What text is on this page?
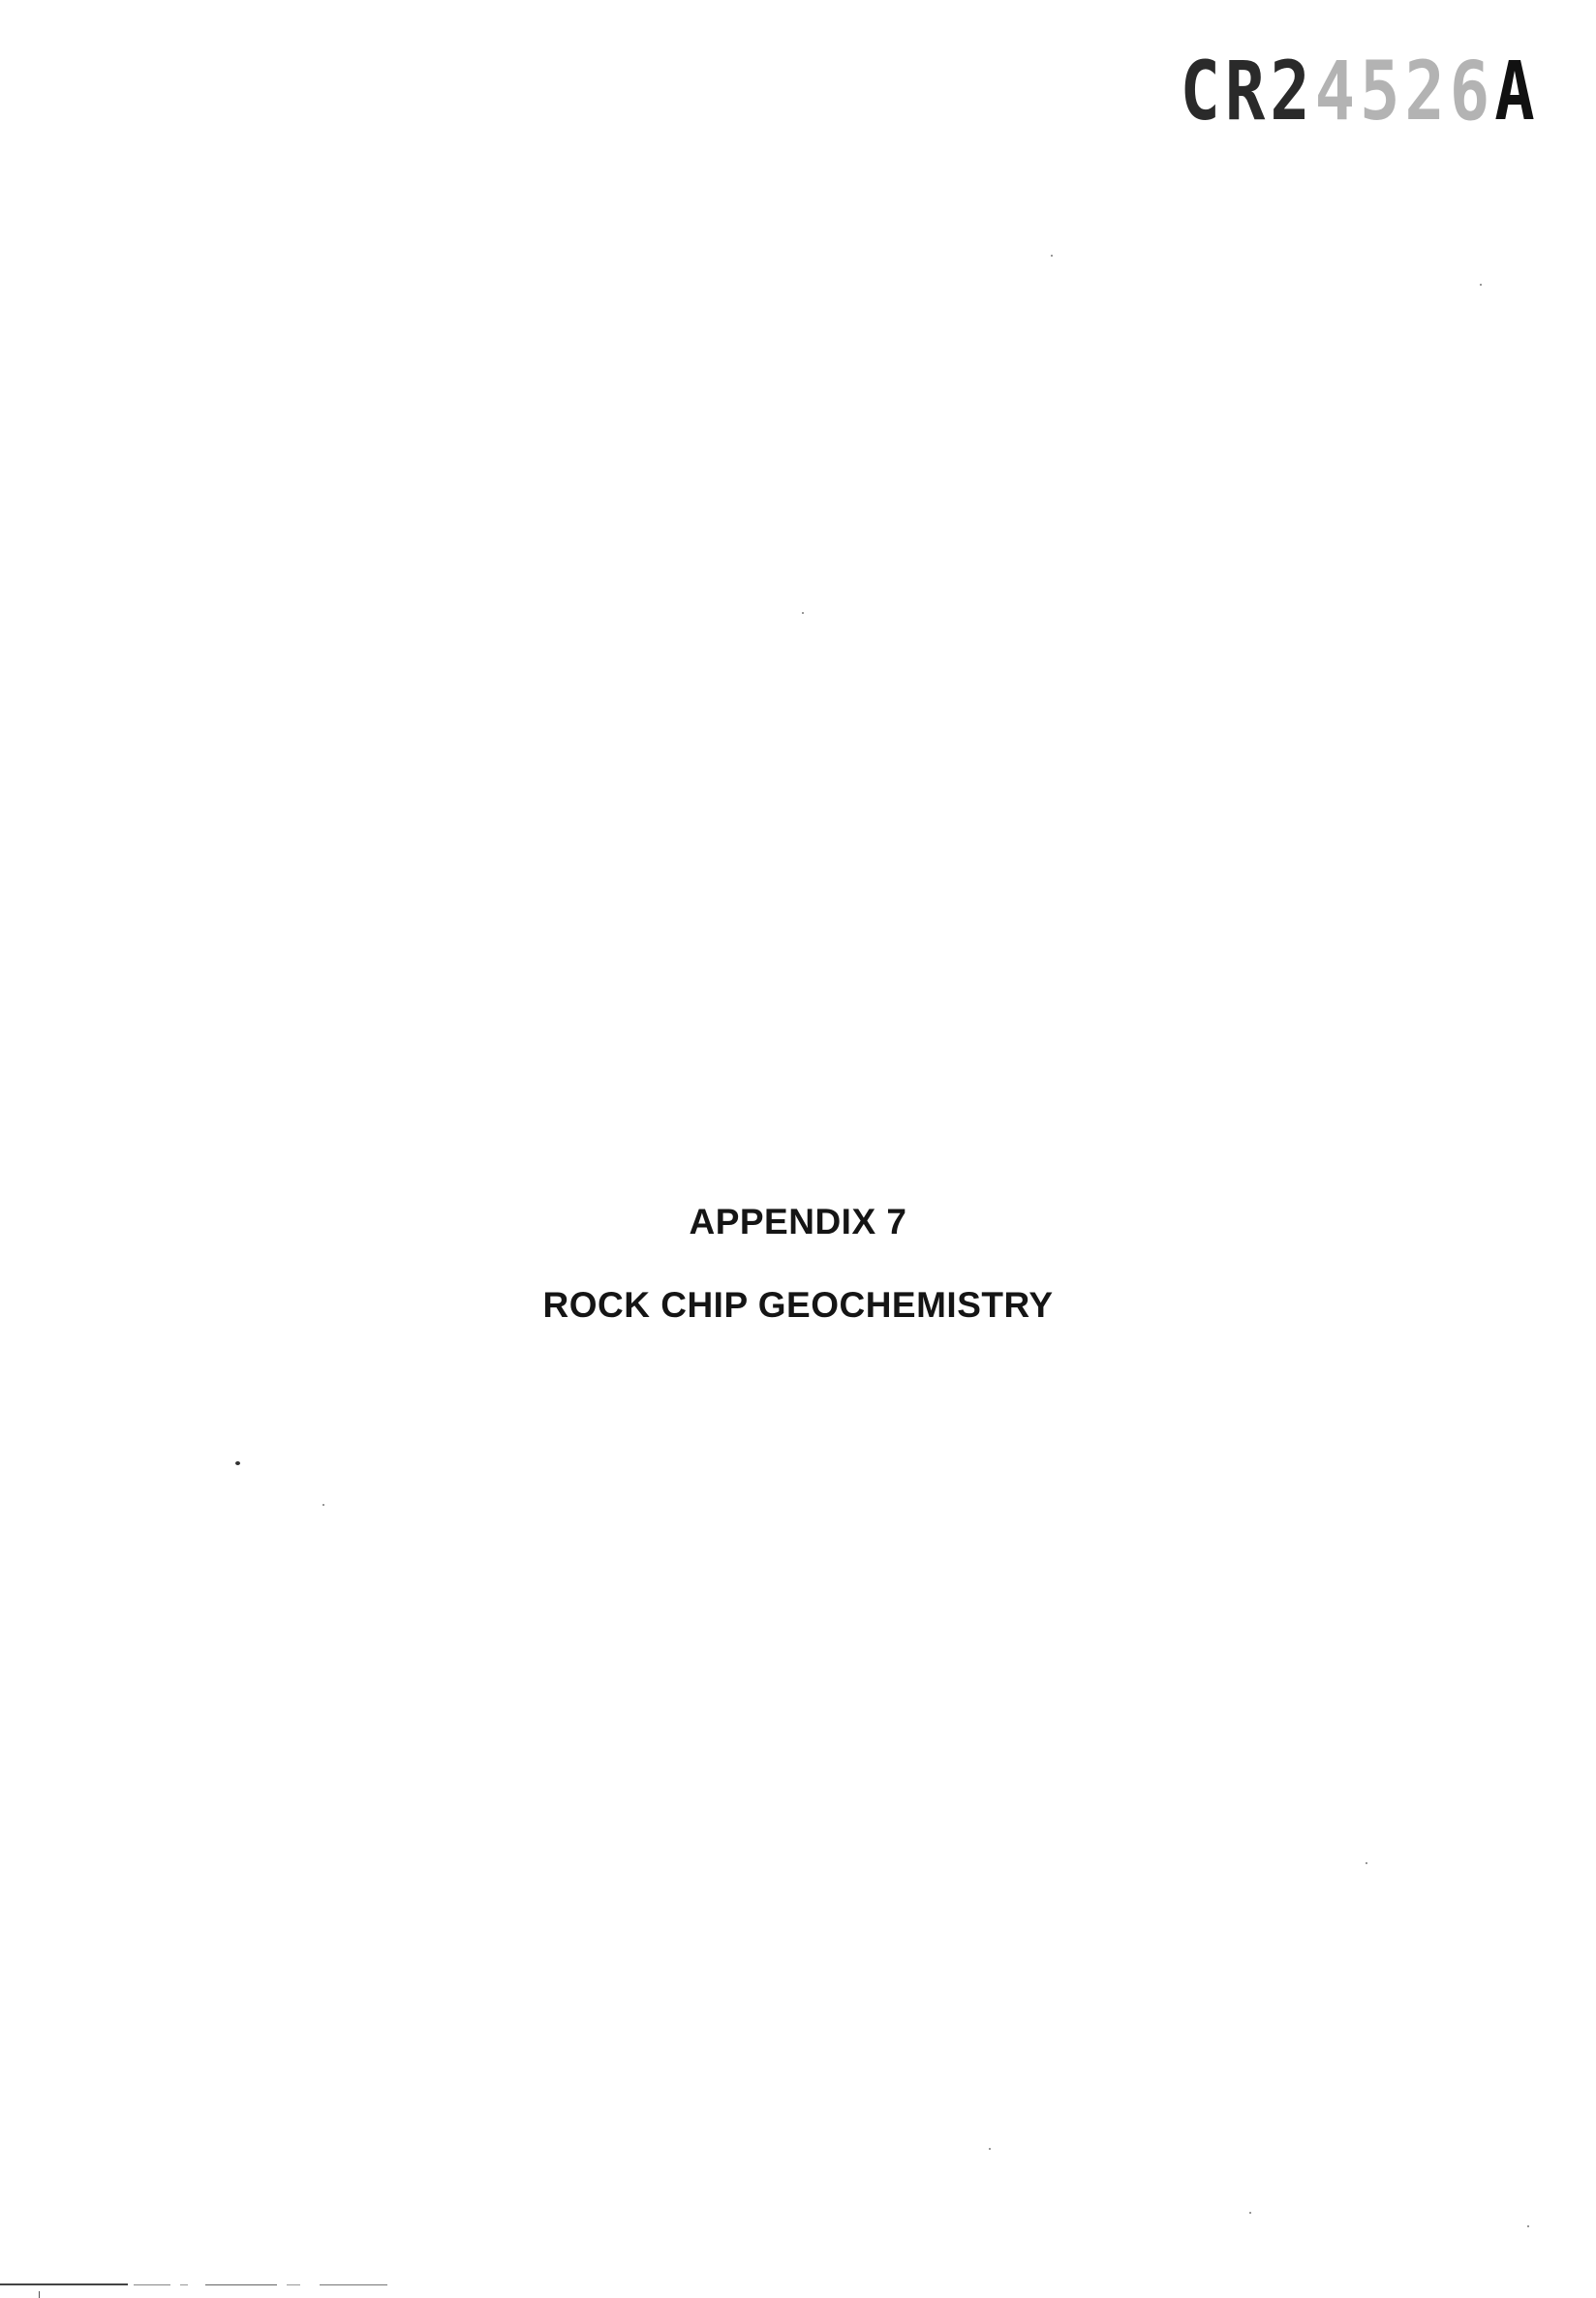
CR24526A
APPENDIX 7
ROCK CHIP GEOCHEMISTRY
